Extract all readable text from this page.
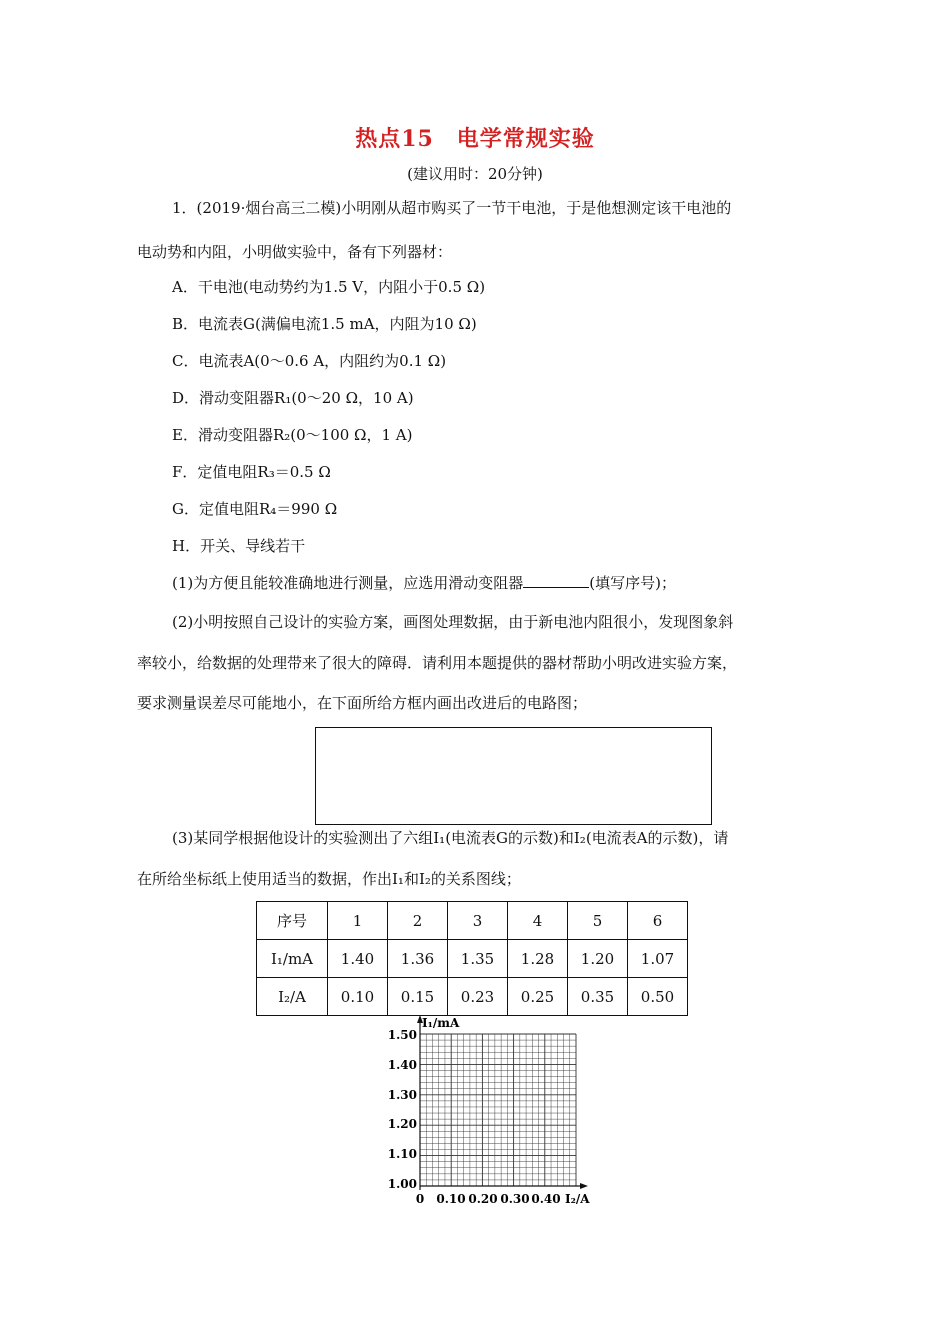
热点15　电学常规实验
(建议用时：20分钟)
1．(2019·烟台高三二模)小明刚从超市购买了一节干电池，于是他想测定该干电池的
电动势和内阻，小明做实验中，备有下列器材：
A．干电池(电动势约为1.5 V，内阻小于0.5 Ω)
B．电流表G(满偏电流1.5 mA，内阻为10 Ω)
C．电流表A(0～0.6 A，内阻约为0.1 Ω)
D．滑动变阻器R₁(0～20 Ω，10 A)
E．滑动变阻器R₂(0～100 Ω，1 A)
F．定值电阻R₃＝0.5 Ω
G．定值电阻R₄＝990 Ω
H．开关、导线若干
(1)为方便且能较准确地进行测量，应选用滑动变阻器	(填写序号)；
(2)小明按照自己设计的实验方案，画图处理数据，由于新电池内阻很小，发现图象斜
率较小，给数据的处理带来了很大的障碍．请利用本题提供的器材帮助小明改进实验方案，
要求测量误差尽可能地小，在下面所给方框内画出改进后的电路图；
(3)某同学根据他设计的实验测出了六组I₁(电流表G的示数)和I₂(电流表A的示数)，请
在所给坐标纸上使用适当的数据，作出I₁和I₂的关系图线；
序号	1	2	3	4	5	6
I₁/mA	1.40	1.36	1.35	1.28	1.20	1.07
I₂/A	0.10	0.15	0.23	0.25	0.35	0.50
I₁/mA
I₂/A
1.50
1.40
1.30
1.20
1.10
1.00
0 0.10 0.20 0.30 0.40
